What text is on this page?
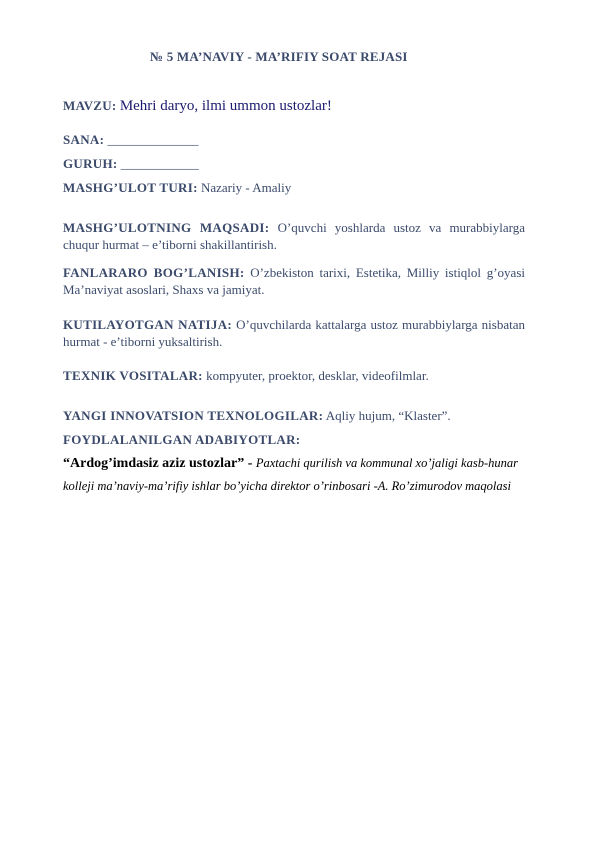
№ 5 MA’NAVIY - MA’RIFIY SOAT REJASI
MAVZU: Mehri daryo, ilmi ummon ustozlar!
SANA: ______________
GURUH: ____________
MASHG’ULOT TURI: Nazariy - Amaliy
MASHG’ULOTNING MAQSADI: O’quvchi yoshlarda ustoz va murabbiylarga chuqur hurmat – e’tiborni shakillantirish.
FANLARARO BOG’LANISH: O’zbekiston tarixi, Estetika, Milliy istiqlol g’oyasi Ma’naviyat asoslari, Shaxs va jamiyat.
KUTILAYOTGAN NATIJA: O’quvchilarda kattalarga ustoz murabbiylarga nisbatan hurmat - e’tiborni yuksaltirish.
TEXNIK VOSITALAR: kompyuter, proektor, desklar, videofilmlar.
YANGI INNOVATSION TEXNOLOGILAR: Aqliy hujum, “Klaster”.
FOYDLALANILGAN ADABIYOTLAR:
“Ardog’imdasiz aziz ustozlar” - Paxtachi qurilish va kommunal xo’jaligi kasb-hunar kolleji ma’naviy-ma’rifiy ishlar bo’yicha direktor o’rinbosari -A. Ro’zimurodov maqolasi
